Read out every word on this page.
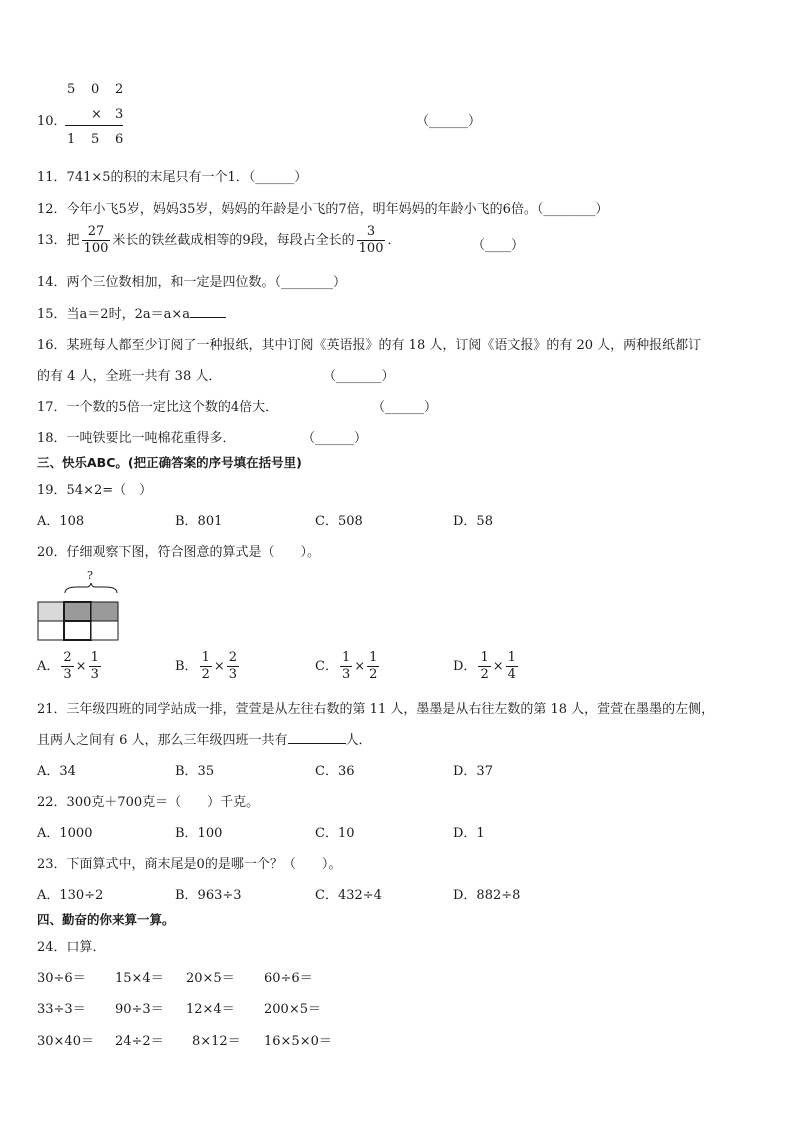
10．
5 0 2
× 3
1 5 6
（______）
11．741×5的积的末尾只有一个1．（______）
12．今年小飞5岁，妈妈35岁，妈妈的年龄是小飞的7倍，明年妈妈的年龄小飞的6倍。（________）
13．把 $\frac{27}{100}$ 米长的铁丝截成相等的9段，每段占全长的 $\frac{3}{100}$ ．	（____）
14．两个三位数相加，和一定是四位数。（________）
15．当a＝2时，2a＝a×a
16．某班每人都至少订阅了一种报纸，其中订阅《英语报》的有 18 人，订阅《语文报》的有 20 人，两种报纸都订
的有 4 人，全班一共有 38 人．	（_______）
17．一个数的5倍一定比这个数的4倍大．	（______）
18．一吨铁要比一吨棉花重得多．	（______）
三、快乐ABC。(把正确答案的序号填在括号里)
19．54×2=（　）
A．108	B．801	C．508	D．58
20．仔细观察下图，符合图意的算式是（　　）。
?
A． $\frac{2}{3} \times \frac{1}{3}$	B． $\frac{1}{2} \times \frac{2}{3}$	C． $\frac{1}{3} \times \frac{1}{2}$	D． $\frac{1}{2} \times \frac{1}{4}$
21．三年级四班的同学站成一排，萱萱是从左往右数的第 11 人，墨墨是从右往左数的第 18 人，萱萱在墨墨的左侧，
且两人之间有 6 人，那么三年级四班一共有	人．
A．34	B．35	C．36	D．37
22．300克＋700克＝（　　）千克。
A．1000	B．100	C．10	D．1
23．下面算式中，商末尾是0的是哪一个？（　　）。
A．130÷2	B．963÷3	C．432÷4	D．882÷8
四、勤奋的你来算一算。
24．口算．
30÷6＝ 15×4＝ 20×5＝ 60÷6＝
33÷3＝ 90÷3＝ 12×4＝ 200×5＝
30×40＝ 24÷2＝ 8×12＝ 16×5×0＝
